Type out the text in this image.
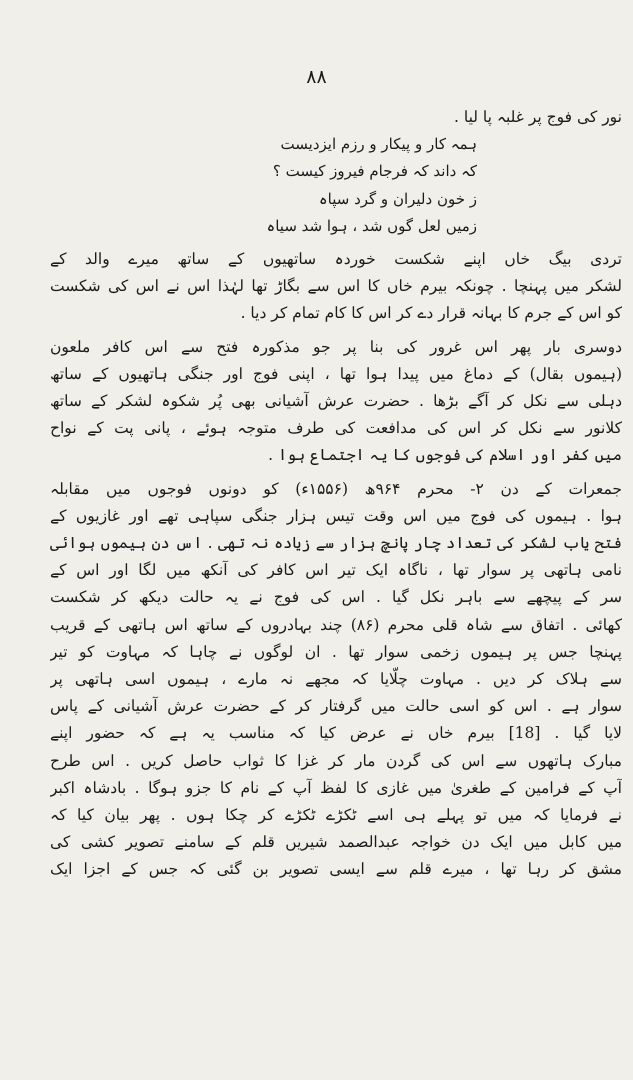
۸۸
نور کی فوج پر غلبہ پا لیا .
ہمہ کار و پیکار و رزم ایزدیست
کہ داند کہ فرجام فیروز کیست ؟
ز خون دلیران و گرد سپاہ
زمیں لعل گوں شد ، ہوا شد سیاہ
تردی بیگ خاں اپنے شکست خوردہ ساتھیوں کے ساتھ میرے والد کے
لشکر میں پہنچا . چونکہ بیرم خاں کا اس سے بگاڑ تھا لہٰذا اس نے اس کی شکست
کو اس کے جرم کا بہانہ قرار دے کر اس کا کام تمام کر دیا .
دوسری بار پھر اس غرور کی بنا پر جو مذکورہ فتح سے اس کافر ملعون
(ہیموں بقال) کے دماغ میں پیدا ہوا تھا ، اپنی فوج اور جنگی ہاتھیوں کے ساتھ
دہلی سے نکل کر آگے بڑھا . حضرت عرش آشیانی بھی پُر شکوہ لشکر کے ساتھ
کلانور سے نکل کر اس کی مدافعت کی طرف متوجہ ہوئے ، پانی پت کے نواح
میں کفر اور اسلام کی فوجوں کا یہ اجتماع ہوا .
جمعرات کے دن ۲- محرم ۹۶۴ھ (۱۵۵۶ء) کو دونوں فوجوں میں مقابلہ
ہوا . ہیموں کی فوج میں اس وقت تیس ہزار جنگی سپاہی تھے اور غازیوں کے
فتح یاب لشکر کی تعداد چار پانچ ہزار سے زیادہ نہ تھی . اس دن ہیموں ہوائی
نامی ہاتھی پر سوار تھا ، ناگاہ ایک تیر اس کافر کی آنکھ میں لگا اور اس کے
سر کے پیچھے سے باہر نکل گیا . اس کی فوج نے یہ حالت دیکھ کر شکست
کھائی . اتفاق سے شاہ قلی محرم (۸۶) چند بہادروں کے ساتھ اس ہاتھی کے قریب
پہنچا جس پر ہیموں زخمی سوار تھا . ان لوگوں نے چاہا کہ مہاوت کو تیر
سے ہلاک کر دیں . مہاوت چلّایا کہ مجھے نہ مارے ، ہیموں اسی ہاتھی پر
سوار ہے . اس کو اسی حالت میں گرفتار کر کے حضرت عرش آشیانی کے پاس
لایا گیا . [18] بیرم خاں نے عرض کیا کہ مناسب یہ ہے کہ حضور اپنے
مبارک ہاتھوں سے اس کی گردن مار کر غزا کا ثواب حاصل کریں . اس طرح
آپ کے فرامین کے طغریٰ میں غازی کا لفظ آپ کے نام کا جزو ہوگا . بادشاہ اکبر
نے فرمایا کہ میں تو پہلے ہی اسے ٹکڑے ٹکڑے کر چکا ہوں . پھر بیان کیا کہ
میں کابل میں ایک دن خواجہ عبدالصمد شیریں قلم کے سامنے تصویر کشی کی
مشق کر رہا تھا ، میرے قلم سے ایسی تصویر بن گئی کہ جس کے اجزا ایک
